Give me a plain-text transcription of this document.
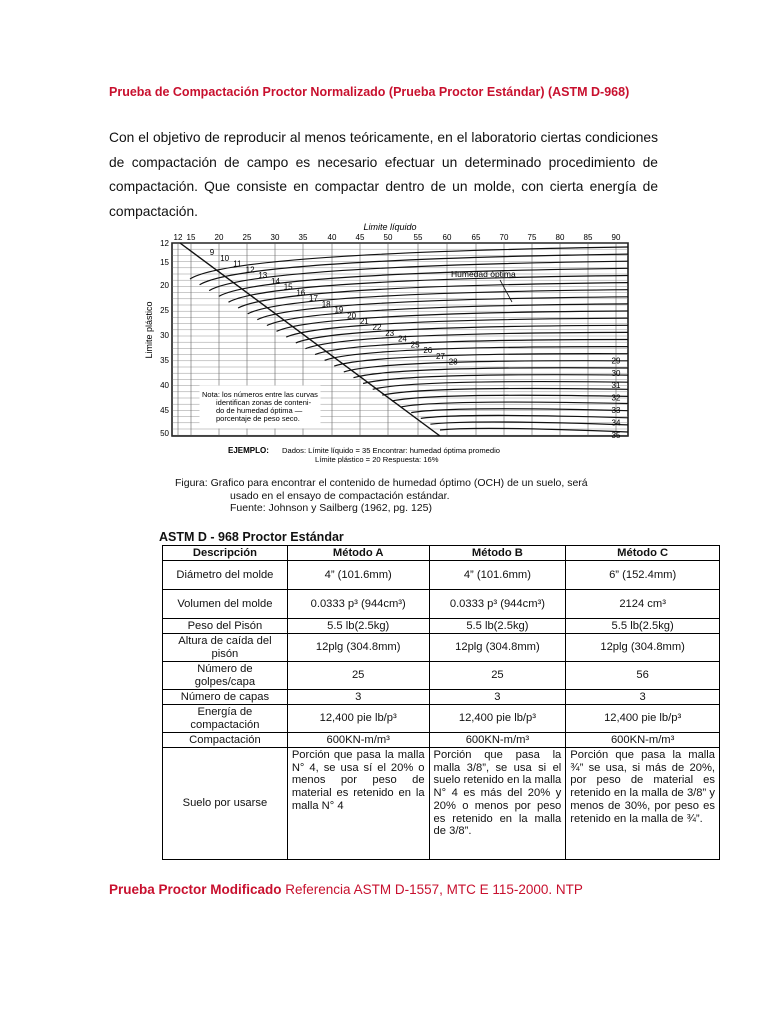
Prueba de Compactación Proctor Normalizado (Prueba Proctor Estándar) (ASTM D-968)
Con el objetivo de reproducir al menos teóricamente, en el laboratorio ciertas condiciones de compactación de campo es necesario efectuar un determinado procedimiento de compactación. Que consiste en compactar dentro de un molde, con cierta energía de compactación.
Limite líquido
12 15 20 25 30 35	40 45 50	55	60	65 70 75 80 85 90
12
15
20
25
30
35
40
45
50
Limite plástico
9
10
11
12
13
14
15
16
17
18
19
20
21
22
23
24
25
26
27
28	29
30
31
32
33
34
35
Humedad óptima
Nota: los números entre las curvas
identifican zonas de conteni-
do de humedad óptima —
porcentaje de peso seco.
EJEMPLO: Dados: Límite líquido = 35 Encontrar: humedad óptima promedio
Límite plástico = 20 Respuesta: 16%
Figura: Grafico para encontrar el contenido de humedad óptimo (OCH) de un suelo, será

usado en el ensayo de compactación estándar.
Fuente: Johnson y Sailberg (1962, pg. 125)
ASTM D - 968 Proctor Estándar
Descripción	Método A	Método B	Método C
Diámetro del molde	4” (101.6mm)	4” (101.6mm)	6” (152.4mm)
Volumen del molde	0.0333 p³ (944cm³)	0.0333 p³ (944cm³)	2124 cm³
Peso del Pisón	5.5 lb(2.5kg)	5.5 lb(2.5kg)	5.5 lb(2.5kg)
Altura de caída del pisón	12plg (304.8mm)	12plg (304.8mm)	12plg (304.8mm)
Número de golpes/capa	25	25	56
Número de capas	3	3	3
Energía de compactación	12,400 pie lb/p³	12,400 pie lb/p³	12,400 pie lb/p³
Compactación	600KN-m/m³	600KN-m/m³	600KN-m/m³
Suelo por usarse	Porción que pasa la malla N° 4, se usa sí el 20% o menos por peso de material es retenido en la malla N° 4	Porción que pasa la malla 3/8”, se usa si el suelo retenido en la malla N° 4 es más del 20% y 20% o menos por peso es retenido en la malla de 3/8”.	Porción que pasa la malla ¾” se usa, si más de 20%, por peso de material es retenido en la malla de 3/8” y menos de 30%, por peso es retenido en la malla de ¾”.
Prueba Proctor Modificado Referencia ASTM D-1557, MTC E 115-2000. NTP
